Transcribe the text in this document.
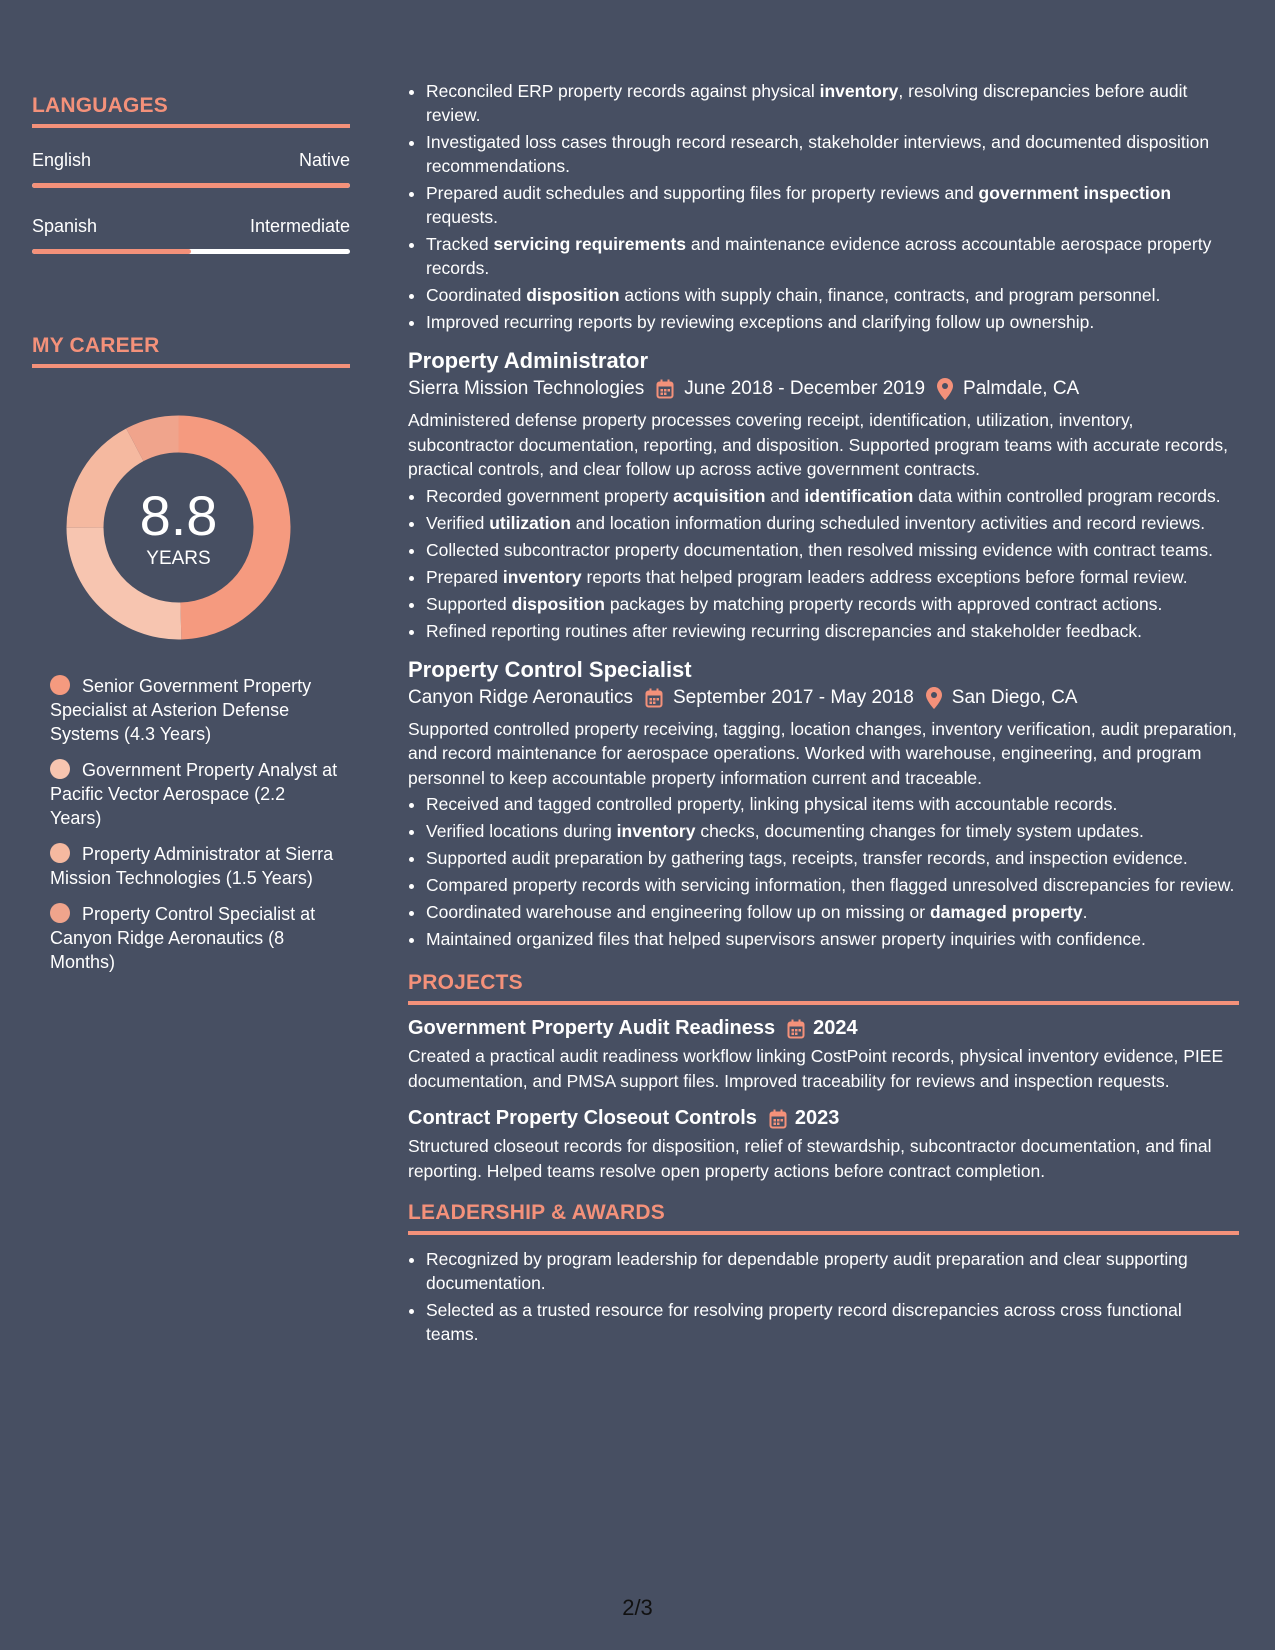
LANGUAGES
English	Native
Spanish	Intermediate
MY CAREER
8.8
YEARS
Senior Government Property Specialist at Asterion Defense Systems (4.3 Years)
Government Property Analyst at Pacific Vector Aerospace (2.2 Years)
Property Administrator at Sierra Mission Technologies (1.5 Years)
Property Control Specialist at Canyon Ridge Aeronautics (8 Months)
• Reconciled ERP property records against physical inventory, resolving discrepancies before audit review.
• Investigated loss cases through record research, stakeholder interviews, and documented disposition recommendations.
• Prepared audit schedules and supporting files for property reviews and government inspection requests.
• Tracked servicing requirements and maintenance evidence across accountable aerospace property records.
• Coordinated disposition actions with supply chain, finance, contracts, and program personnel.
• Improved recurring reports by reviewing exceptions and clarifying follow up ownership.
Property Administrator
Sierra Mission Technologies June 2018 - December 2019 Palmdale, CA

Administered defense property processes covering receipt, identification, utilization, inventory, subcontractor documentation, reporting, and disposition. Supported program teams with accurate records, practical controls, and clear follow up across active government contracts.

• Recorded government property acquisition and identification data within controlled program records.
• Verified utilization and location information during scheduled inventory activities and record reviews.
• Collected subcontractor property documentation, then resolved missing evidence with contract teams.
• Prepared inventory reports that helped program leaders address exceptions before formal review.
• Supported disposition packages by matching property records with approved contract actions.
• Refined reporting routines after reviewing recurring discrepancies and stakeholder feedback.
Property Control Specialist
Canyon Ridge Aeronautics September 2017 - May 2018 San Diego, CA

Supported controlled property receiving, tagging, location changes, inventory verification, audit preparation, and record maintenance for aerospace operations. Worked with warehouse, engineering, and program personnel to keep accountable property information current and traceable.

• Received and tagged controlled property, linking physical items with accountable records.
• Verified locations during inventory checks, documenting changes for timely system updates.
• Supported audit preparation by gathering tags, receipts, transfer records, and inspection evidence.
• Compared property records with servicing information, then flagged unresolved discrepancies for review.
• Coordinated warehouse and engineering follow up on missing or damaged property.
• Maintained organized files that helped supervisors answer property inquiries with confidence.
PROJECTS
Government Property Audit Readiness 2024

Created a practical audit readiness workflow linking CostPoint records, physical inventory evidence, PIEE documentation, and PMSA support files. Improved traceability for reviews and inspection requests.

Contract Property Closeout Controls 2023

Structured closeout records for disposition, relief of stewardship, subcontractor documentation, and final reporting. Helped teams resolve open property actions before contract completion.

LEADERSHIP & AWARDS
• Recognized by program leadership for dependable property audit preparation and clear supporting documentation.
• Selected as a trusted resource for resolving property record discrepancies across cross functional teams.
2/3
